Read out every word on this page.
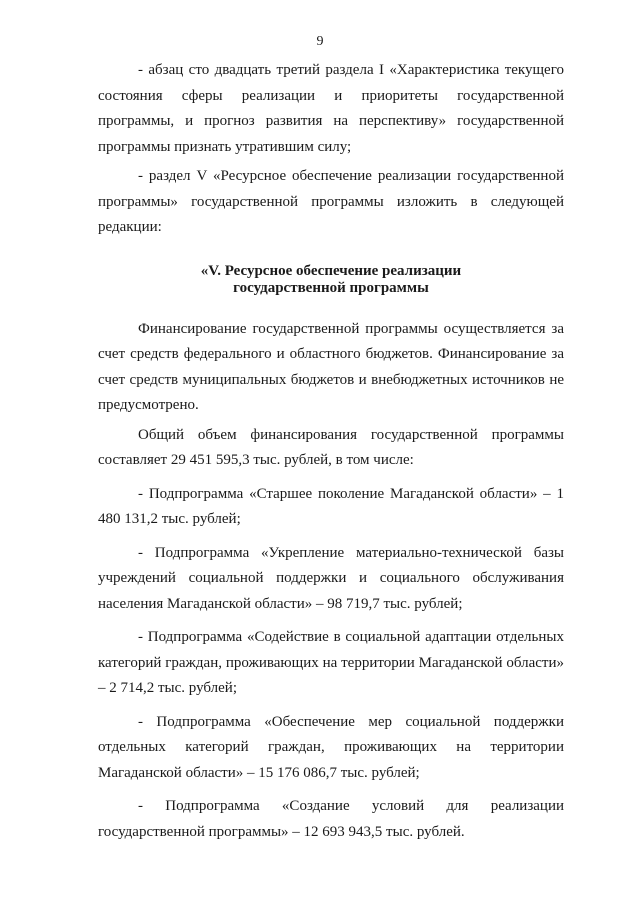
9

- абзац сто двадцать третий раздела I «Характеристика текущего состояния сферы реализации и приоритеты государственной программы, и прогноз развития на перспективу» государственной программы признать утратившим силу;

- раздел V «Ресурсное обеспечение реализации государственной программы» государственной программы изложить в следующей редакции:

«V. Ресурсное обеспечение реализации
государственной программы

Финансирование государственной программы осуществляется за счет средств федерального и областного бюджетов. Финансирование за счет средств муниципальных бюджетов и внебюджетных источников не предусмотрено.

Общий объем финансирования государственной программы составляет 29 451 595,3 тыс. рублей, в том числе:

- Подпрограмма «Старшее поколение Магаданской области» – 1 480 131,2 тыс. рублей;

- Подпрограмма «Укрепление материально-технической базы учреждений социальной поддержки и социального обслуживания населения Магаданской области» – 98 719,7 тыс. рублей;

- Подпрограмма «Содействие в социальной адаптации отдельных категорий граждан, проживающих на территории Магаданской области» – 2 714,2 тыс. рублей;

- Подпрограмма «Обеспечение мер социальной поддержки отдельных категорий граждан, проживающих на территории Магаданской области» – 15 176 086,7 тыс. рублей;

- Подпрограмма «Создание условий для реализации государственной программы» – 12 693 943,5 тыс. рублей.
